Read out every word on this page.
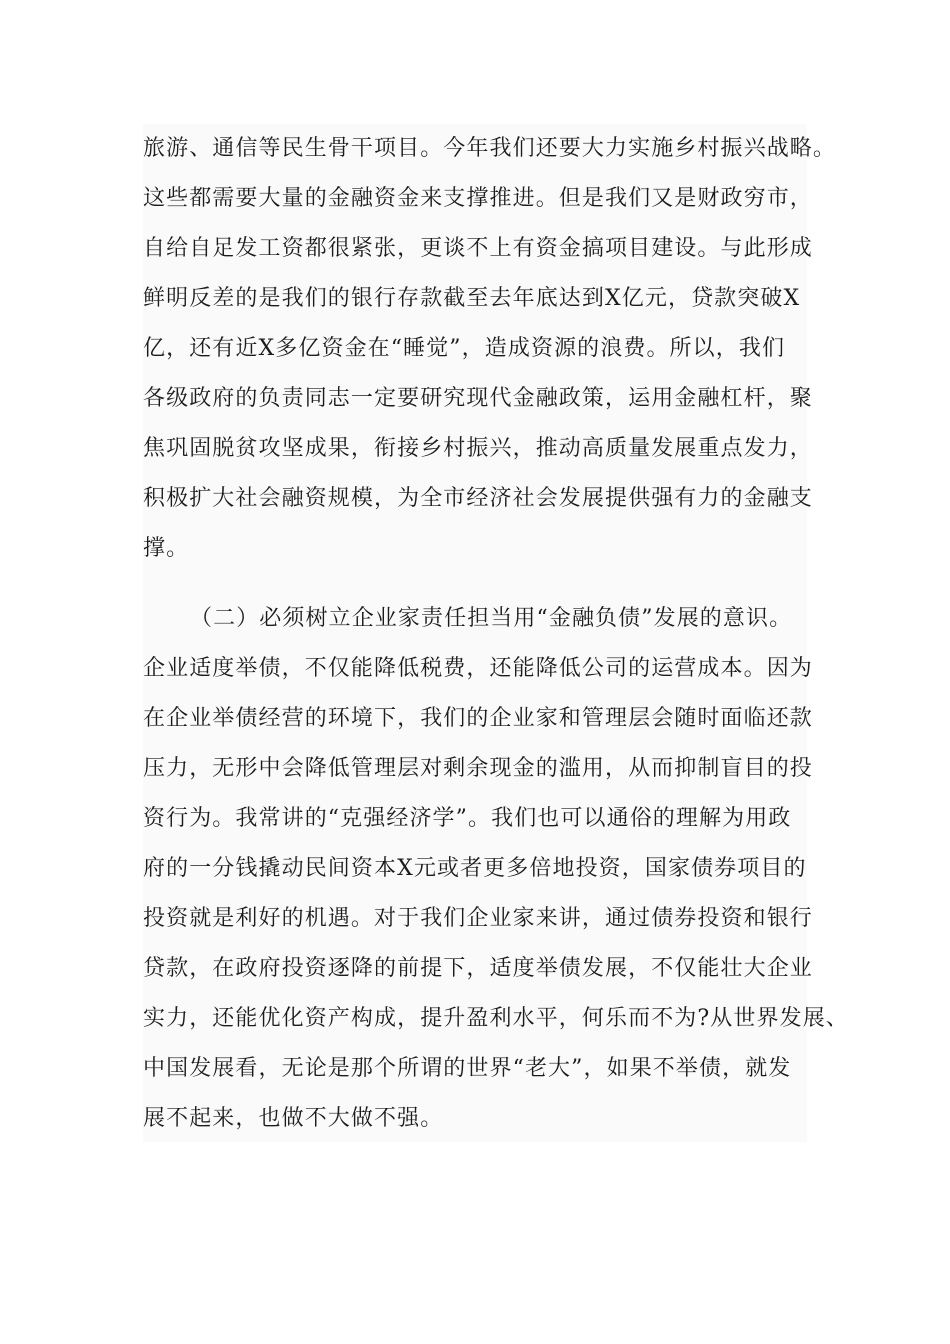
旅游、通信等民生骨干项目。今年我们还要大力实施乡村振兴战略。
这些都需要大量的金融资金来支撑推进。但是我们又是财政穷市，
自给自足发工资都很紧张，更谈不上有资金搞项目建设。与此形成
鲜明反差的是我们的银行存款截至去年底达到X亿元，贷款突破X
亿，还有近X多亿资金在“睡觉”，造成资源的浪费。所以，我们
各级政府的负责同志一定要研究现代金融政策，运用金融杠杆，聚
焦巩固脱贫攻坚成果，衔接乡村振兴，推动高质量发展重点发力，
积极扩大社会融资规模，为全市经济社会发展提供强有力的金融支
撑。
（二）必须树立企业家责任担当用“金融负债”发展的意识。
企业适度举债，不仅能降低税费，还能降低公司的运营成本。因为
在企业举债经营的环境下，我们的企业家和管理层会随时面临还款
压力，无形中会降低管理层对剩余现金的滥用，从而抑制盲目的投
资行为。我常讲的“克强经济学”。我们也可以通俗的理解为用政
府的一分钱撬动民间资本X元或者更多倍地投资，国家债券项目的
投资就是利好的机遇。对于我们企业家来讲，通过债券投资和银行
贷款，在政府投资逐降的前提下，适度举债发展，不仅能壮大企业
实力，还能优化资产构成，提升盈利水平，何乐而不为?从世界发展、
中国发展看，无论是那个所谓的世界“老大”，如果不举债，就发
展不起来，也做不大做不强。
